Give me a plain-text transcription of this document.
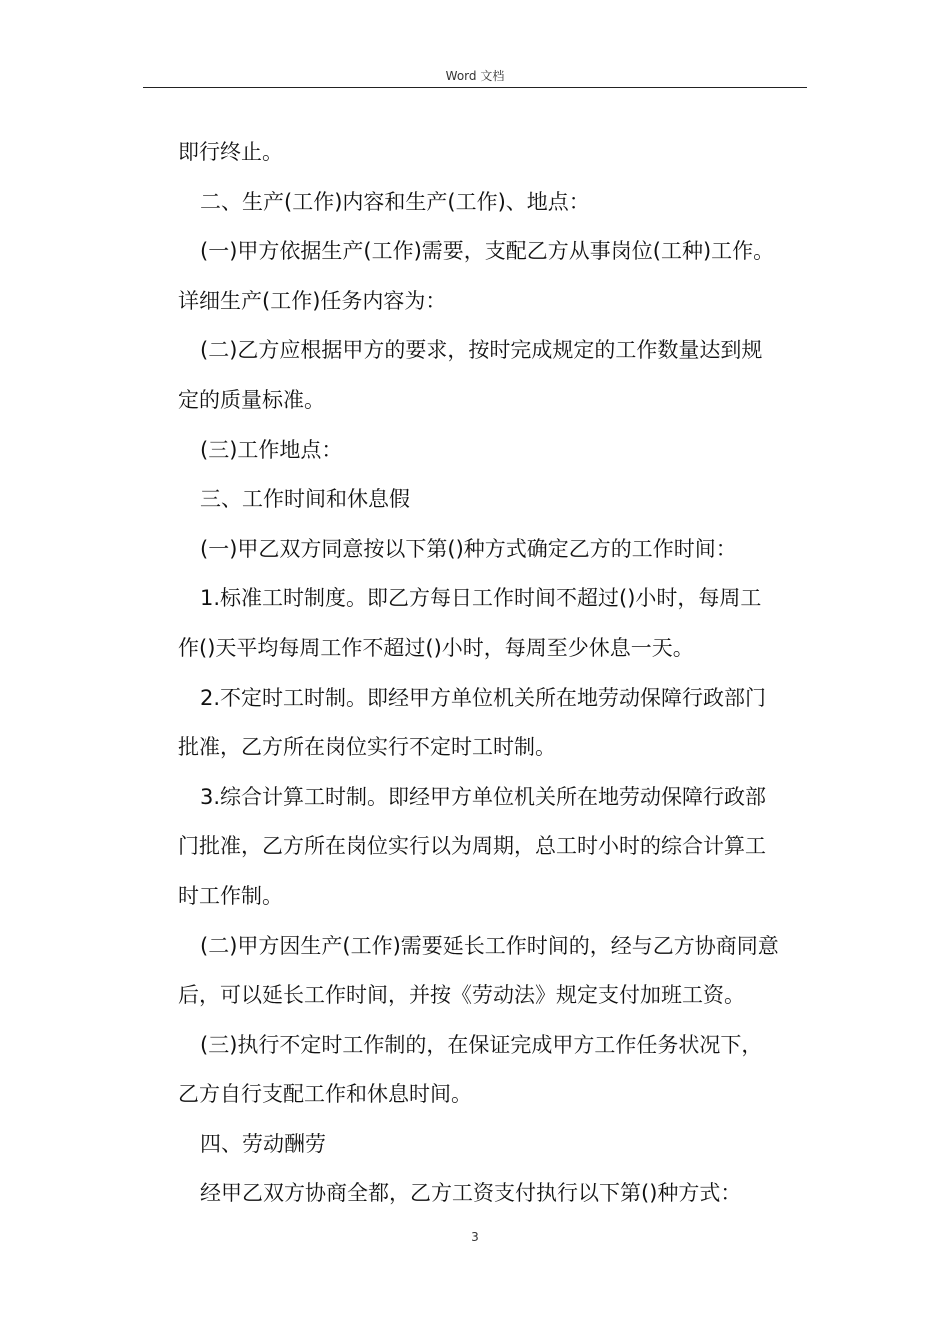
Word 文档
即行终止。
二、生产(工作)内容和生产(工作)、地点：
(一)甲方依据生产(工作)需要，支配乙方从事岗位(工种)工作。
详细生产(工作)任务内容为：
(二)乙方应根据甲方的要求，按时完成规定的工作数量达到规
定的质量标准。
(三)工作地点：
三、工作时间和休息假
(一)甲乙双方同意按以下第()种方式确定乙方的工作时间：
1.标准工时制度。即乙方每日工作时间不超过()小时，每周工
作()天平均每周工作不超过()小时，每周至少休息一天。
2.不定时工时制。即经甲方单位机关所在地劳动保障行政部门
批准，乙方所在岗位实行不定时工时制。
3.综合计算工时制。即经甲方单位机关所在地劳动保障行政部
门批准，乙方所在岗位实行以为周期，总工时小时的综合计算工
时工作制。
(二)甲方因生产(工作)需要延长工作时间的，经与乙方协商同意
后，可以延长工作时间，并按《劳动法》规定支付加班工资。
(三)执行不定时工作制的，在保证完成甲方工作任务状况下，
乙方自行支配工作和休息时间。
四、劳动酬劳
经甲乙双方协商全都，乙方工资支付执行以下第()种方式：
3
